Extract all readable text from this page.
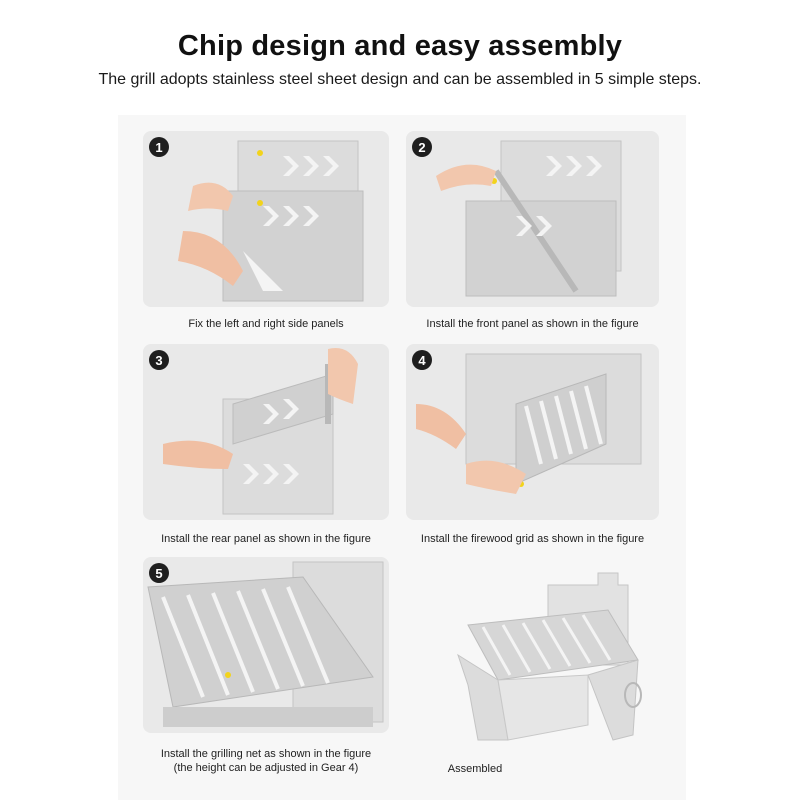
Chip design and easy assembly
The grill adopts stainless steel sheet design and can be assembled in 5 simple steps.
1
Fix the left and right side panels
2
Install the front panel as shown in the figure
3
Install the rear panel as shown in the figure
4
Install the firewood grid as shown in the figure
5
Install the grilling net as shown in the figure
(the height can be adjusted in Gear 4)	Assembled
